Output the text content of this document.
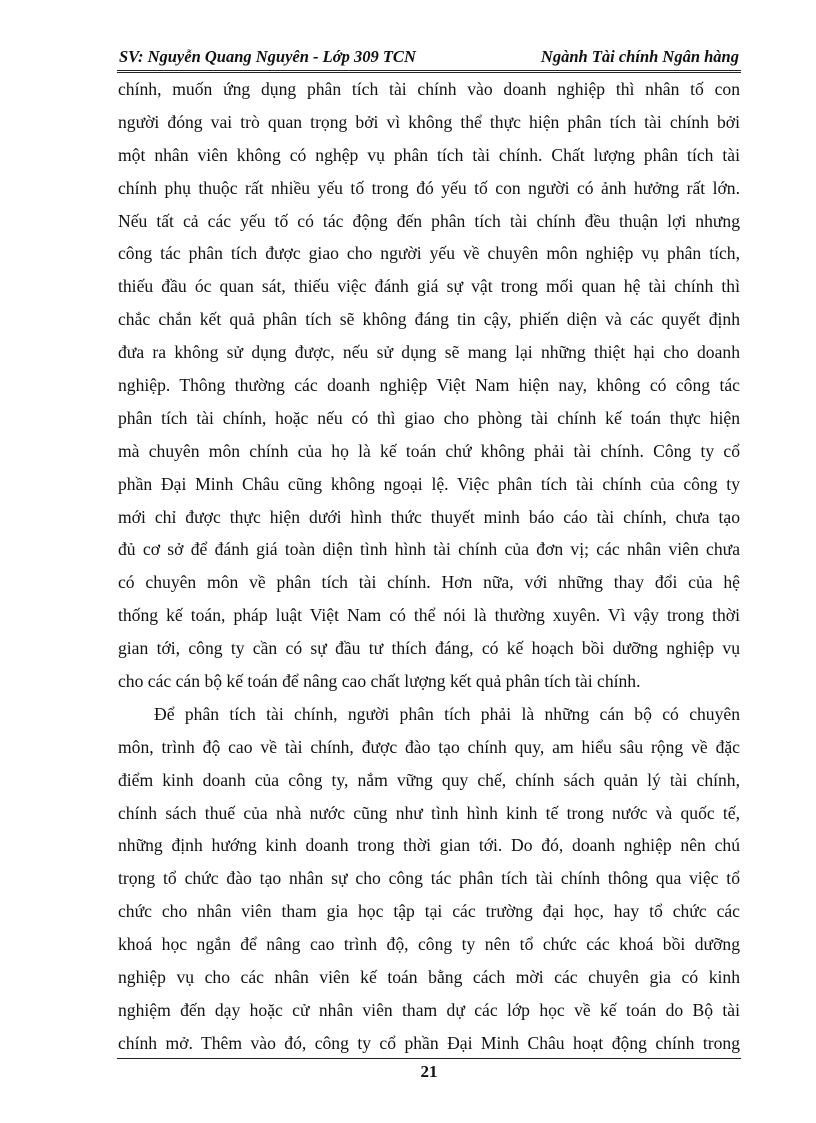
SV: Nguyễn Quang Nguyên - Lớp 309 TCN	Ngành Tài chính Ngân hàng
chính, muốn ứng dụng phân tích tài chính vào doanh nghiệp thì nhân tố con
người đóng vai trò quan trọng bởi vì không thể thực hiện phân tích tài chính bởi
một nhân viên không có nghệp vụ phân tích tài chính. Chất lượng phân tích tài
chính phụ thuộc rất nhiều yếu tố trong đó yếu tố con người có ảnh hưởng rất lớn.
Nếu tất cả các yếu tố có tác động đến phân tích tài chính đều thuận lợi nhưng
công tác phân tích được giao cho người yếu về chuyên môn nghiệp vụ phân tích,
thiếu đầu óc quan sát, thiếu việc đánh giá sự vật trong mối quan hệ tài chính thì
chắc chắn kết quả phân tích sẽ không đáng tin cậy, phiến diện và các quyết định
đưa ra không sử dụng được, nếu sử dụng sẽ mang lại những thiệt hại cho doanh
nghiệp. Thông thường các doanh nghiệp Việt Nam hiện nay, không có công tác
phân tích tài chính, hoặc nếu có thì giao cho phòng tài chính kế toán thực hiện
mà chuyên môn chính của họ là kế toán chứ không phải tài chính. Công ty cổ
phần Đại Minh Châu cũng không ngoại lệ. Việc phân tích tài chính của công ty
mới chỉ được thực hiện dưới hình thức thuyết minh báo cáo tài chính, chưa tạo
đủ cơ sở để đánh giá toàn diện tình hình tài chính của đơn vị; các nhân viên chưa
có chuyên môn về phân tích tài chính. Hơn nữa, với những thay đổi của hệ
thống kế toán, pháp luật Việt Nam có thể nói là thường xuyên. Vì vậy trong thời
gian tới, công ty cần có sự đầu tư thích đáng, có kế hoạch bồi dưỡng nghiệp vụ
cho các cán bộ kế toán để nâng cao chất lượng kết quả phân tích tài chính.
Để phân tích tài chính, người phân tích phải là những cán bộ có chuyên
môn, trình độ cao về tài chính, được đào tạo chính quy, am hiểu sâu rộng về đặc
điểm kinh doanh của công ty, nắm vững quy chế, chính sách quản lý tài chính,
chính sách thuế của nhà nước cũng như tình hình kinh tế trong nước và quốc tế,
những định hướng kinh doanh trong thời gian tới. Do đó, doanh nghiệp nên chú
trọng tổ chức đào tạo nhân sự cho công tác phân tích tài chính thông qua việc tổ
chức cho nhân viên tham gia học tập tại các trường đại học, hay tổ chức các
khoá học ngắn để nâng cao trình độ, công ty nên tổ chức các khoá bồi dưỡng
nghiệp vụ cho các nhân viên kế toán bằng cách mời các chuyên gia có kinh
nghiệm đến dạy hoặc cử nhân viên tham dự các lớp học về kế toán do Bộ tài
chính mở. Thêm vào đó, công ty cổ phần Đại Minh Châu hoạt động chính trong
21
